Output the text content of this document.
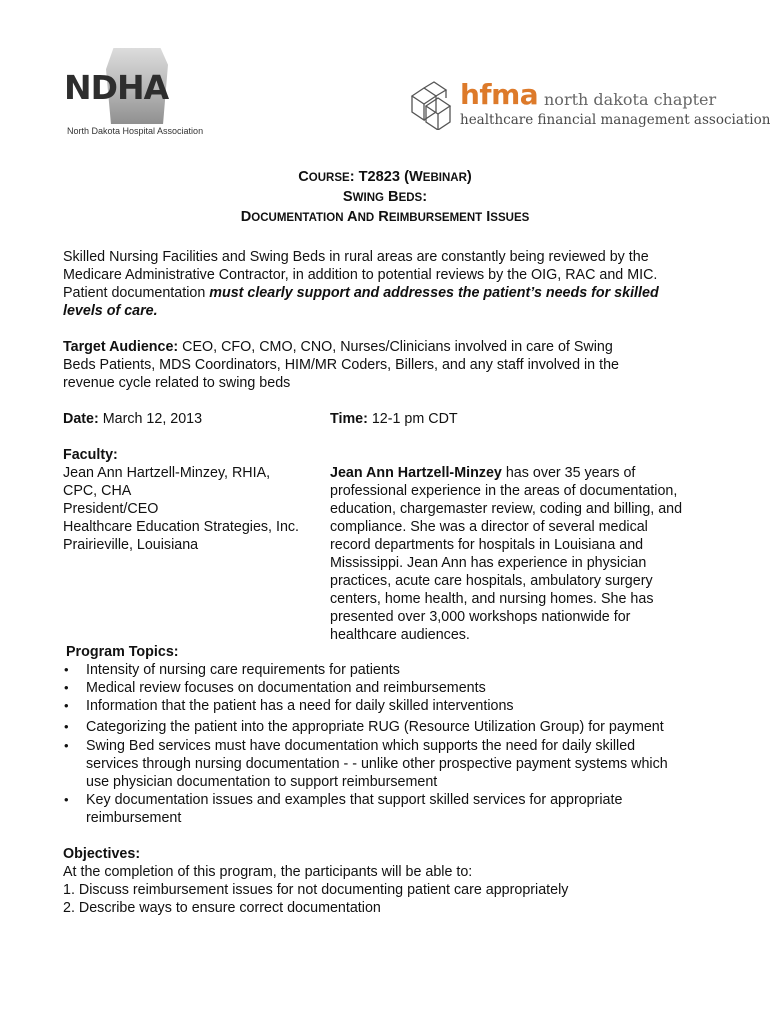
NDHA
North Dakota Hospital Association
hfma north dakota chapter
healthcare financial management association
COURSE: T2823 (WEBINAR)
SWING BEDS:
DOCUMENTATION AND REIMBURSEMENT ISSUES
Skilled Nursing Facilities and Swing Beds in rural areas are constantly being reviewed by the
Medicare Administrative Contractor, in addition to potential reviews by the OIG, RAC and MIC.
Patient documentation must clearly support and addresses the patient’s needs for skilled
levels of care.
Target Audience: CEO, CFO, CMO, CNO, Nurses/Clinicians involved in care of Swing
Beds Patients, MDS Coordinators, HIM/MR Coders, Billers, and any staff involved in the
revenue cycle related to swing beds
Date: March 12, 2013	Time: 12-1 pm CDT
Faculty:
Jean Ann Hartzell-Minzey, RHIA,
CPC, CHA
President/CEO
Healthcare Education Strategies, Inc.
Prairieville, Louisiana
Jean Ann Hartzell-Minzey has over 35 years of
professional experience in the areas of documentation,
education, chargemaster review, coding and billing, and
compliance. She was a director of several medical
record departments for hospitals in Louisiana and
Mississippi. Jean Ann has experience in physician
practices, acute care hospitals, ambulatory surgery
centers, home health, and nursing homes. She has
presented over 3,000 workshops nationwide for
healthcare audiences.
Program Topics:
Intensity of nursing care requirements for patients
•
Medical review focuses on documentation and reimbursements
•
Information that the patient has a need for daily skilled interventions
•
Categorizing the patient into the appropriate RUG (Resource Utilization Group) for payment
•
Swing Bed services must have documentation which supports the need for daily skilled
•
services through nursing documentation - - unlike other prospective payment systems which
use physician documentation to support reimbursement
Key documentation issues and examples that support skilled services for appropriate
•
reimbursement
Objectives:
At the completion of this program, the participants will be able to:
1. Discuss reimbursement issues for not documenting patient care appropriately
2. Describe ways to ensure correct documentation
